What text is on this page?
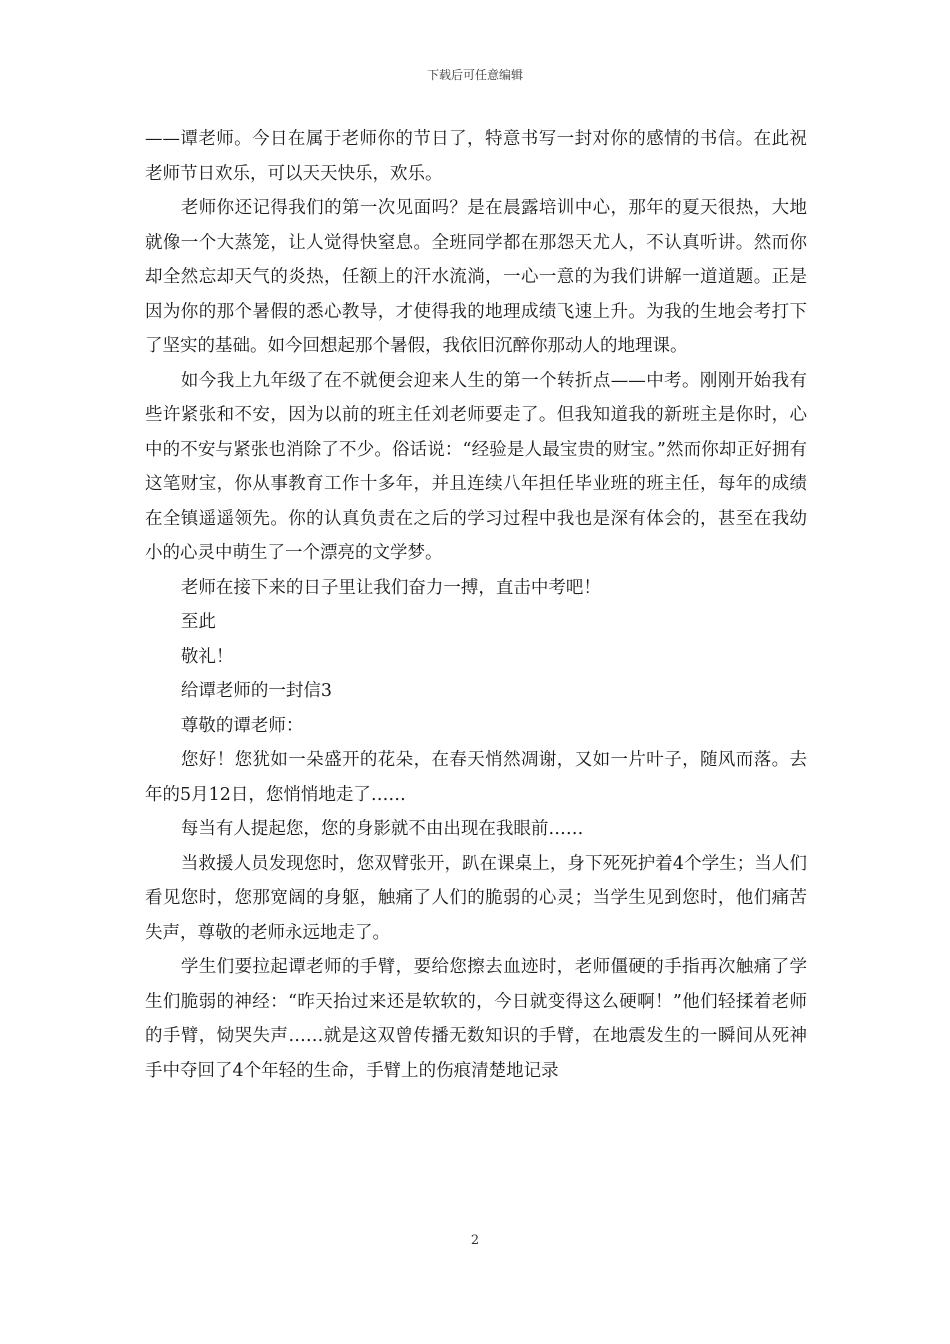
下载后可任意编辑

——谭老师。今日在属于老师你的节日了，特意书写一封对你的感情的书信。在此祝老师节日欢乐，可以天天快乐，欢乐。

老师你还记得我们的第一次见面吗？是在晨露培训中心，那年的夏天很热，大地就像一个大蒸笼，让人觉得快窒息。全班同学都在那怨天尤人，不认真听讲。然而你却全然忘却天气的炎热，任额上的汗水流淌，一心一意的为我们讲解一道道题。正是因为你的那个暑假的悉心教导，才使得我的地理成绩飞速上升。为我的生地会考打下了坚实的基础。如今回想起那个暑假，我依旧沉醉你那动人的地理课。

如今我上九年级了在不就便会迎来人生的第一个转折点——中考。刚刚开始我有些许紧张和不安，因为以前的班主任刘老师要走了。但我知道我的新班主是你时，心中的不安与紧张也消除了不少。俗话说：“经验是人最宝贵的财宝。”然而你却正好拥有这笔财宝，你从事教育工作十多年，并且连续八年担任毕业班的班主任，每年的成绩在全镇遥遥领先。你的认真负责在之后的学习过程中我也是深有体会的，甚至在我幼小的心灵中萌生了一个漂亮的文学梦。

老师在接下来的日子里让我们奋力一搏，直击中考吧！

至此

敬礼！

给谭老师的一封信3

尊敬的谭老师：

您好！您犹如一朵盛开的花朵，在春天悄然凋谢，又如一片叶子，随风而落。去年的5月12日，您悄悄地走了……

每当有人提起您，您的身影就不由出现在我眼前……

当救援人员发现您时，您双臂张开，趴在课桌上，身下死死护着4个学生；当人们看见您时，您那宽阔的身躯，触痛了人们的脆弱的心灵；当学生见到您时，他们痛苦失声，尊敬的老师永远地走了。

学生们要拉起谭老师的手臂，要给您擦去血迹时，老师僵硬的手指再次触痛了学生们脆弱的神经：“昨天抬过来还是软软的，今日就变得这么硬啊！”他们轻揉着老师的手臂，恸哭失声……就是这双曾传播无数知识的手臂，在地震发生的一瞬间从死神手中夺回了4个年轻的生命，手臂上的伤痕清楚地记录

2
